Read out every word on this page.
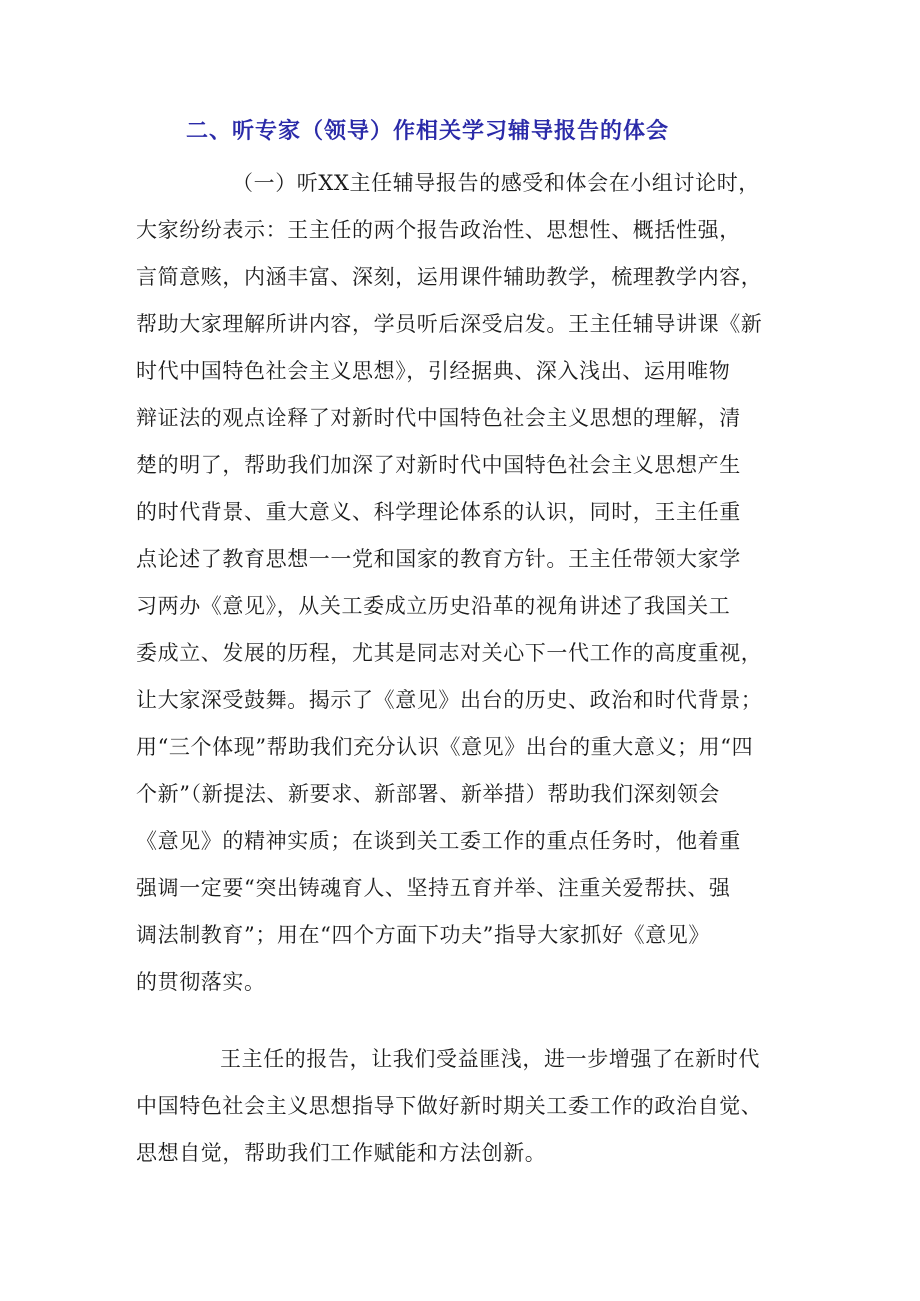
二、听专家（领导）作相关学习辅导报告的体会
（一）听XX主任辅导报告的感受和体会在小组讨论时，
大家纷纷表示：王主任的两个报告政治性、思想性、概括性强，
言简意赅，内涵丰富、深刻，运用课件辅助教学，梳理教学内容，
帮助大家理解所讲内容，学员听后深受启发。王主任辅导讲课《新
时代中国特色社会主义思想》，引经据典、深入浅出、运用唯物
辩证法的观点诠释了对新时代中国特色社会主义思想的理解，清
楚的明了，帮助我们加深了对新时代中国特色社会主义思想产生
的时代背景、重大意义、科学理论体系的认识，同时，王主任重
点论述了教育思想一一党和国家的教育方针。王主任带领大家学
习两办《意见》，从关工委成立历史沿革的视角讲述了我国关工
委成立、发展的历程，尤其是同志对关心下一代工作的高度重视，
让大家深受鼓舞。揭示了《意见》出台的历史、政治和时代背景；
用“三个体现”帮助我们充分认识《意见》出台的重大意义；用“四
个新”（新提法、新要求、新部署、新举措）帮助我们深刻领会
《意见》的精神实质；在谈到关工委工作的重点任务时，他着重
强调一定要“突出铸魂育人、坚持五育并举、注重关爱帮扶、强
调法制教育”；用在“四个方面下功夫”指导大家抓好《意见》
的贯彻落实。
王主任的报告，让我们受益匪浅，进一步增强了在新时代
中国特色社会主义思想指导下做好新时期关工委工作的政治自觉、
思想自觉，帮助我们工作赋能和方法创新。
